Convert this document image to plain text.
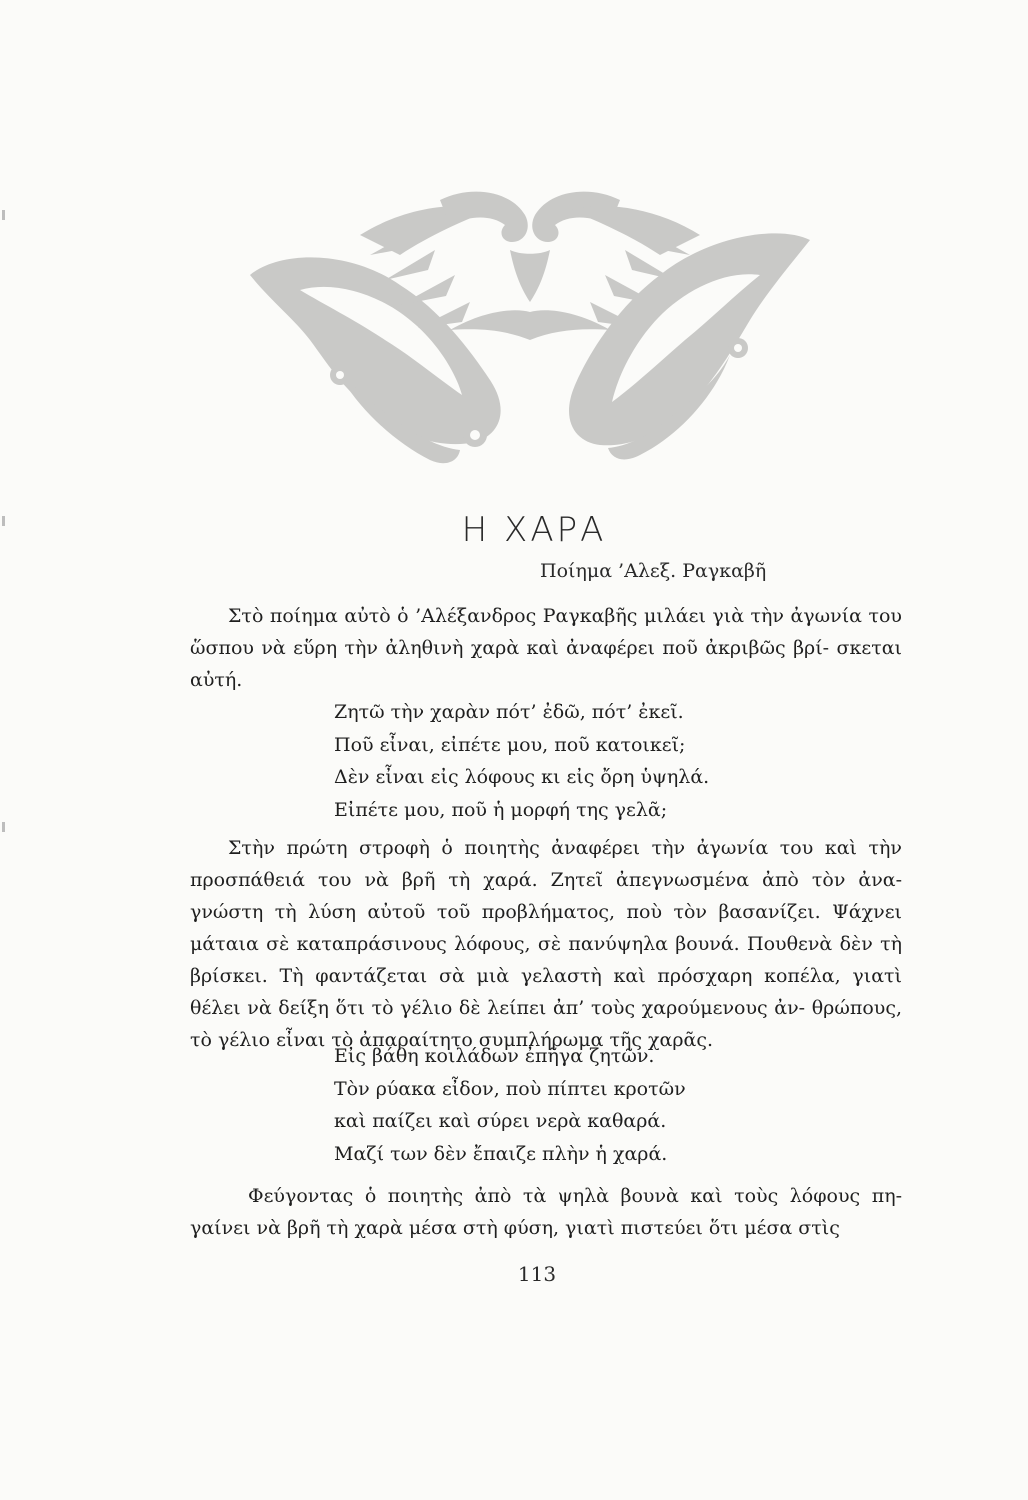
Η ΧΑΡΑ
Ποίημα ’Αλεξ. Ραγκαβῆ

Στὸ ποίημα αὐτὸ ὁ ’Αλέξανδρος Ραγκαβῆς μιλάει γιὰ τὴν ἀγωνία του ὥσπου νὰ εὕρη τὴν ἀληθινὴ χαρὰ καὶ ἀναφέρει ποῦ ἀκριβῶς βρί- σκεται αὐτή.

Ζητῶ τὴν χαρὰν πότ’ ἐδῶ, πότ’ ἐκεῖ.
Ποῦ εἶναι, εἰπέτε μου, ποῦ κατοικεῖ;
Δὲν εἶναι εἰς λόφους κι εἰς ὄρη ὑψηλά.
Εἰπέτε μου, ποῦ ἡ μορφή της γελᾶ;

Στὴν πρώτη στροφὴ ὁ ποιητὴς ἀναφέρει τὴν ἀγωνία του καὶ τὴν προσπάθειά του νὰ βρῆ τὴ χαρά. Ζητεῖ ἀπεγνωσμένα ἀπὸ τὸν ἀνα- γνώστη τὴ λύση αὐτοῦ τοῦ προβλήματος, ποὺ τὸν βασανίζει. Ψάχνει μάταια σὲ καταπράσινους λόφους, σὲ πανύψηλα βουνά. Πουθενὰ δὲν τὴ βρίσκει. Τὴ φαντάζεται σὰ μιὰ γελαστὴ καὶ πρόσχαρη κοπέλα, γιατὶ θέλει νὰ δείξη ὅτι τὸ γέλιο δὲ λείπει ἀπ’ τοὺς χαρούμενους ἀν- θρώπους, τὸ γέλιο εἶναι τὸ ἀπαραίτητο συμπλήρωμα τῆς χαρᾶς.

Εἰς βάθη κοιλάδων ἐπῆγα ζητῶν.
Τὸν ρύακα εἶδον, ποὺ πίπτει κροτῶν
καὶ παίζει καὶ σύρει νερὰ καθαρά.
Μαζί των δὲν ἔπαιζε πλὴν ἡ χαρά.

Φεύγοντας ὁ ποιητὴς ἀπὸ τὰ ψηλὰ βουνὰ καὶ τοὺς λόφους πη- γαίνει νὰ βρῆ τὴ χαρὰ μέσα στὴ φύση, γιατὶ πιστεύει ὅτι μέσα στὶς

113
